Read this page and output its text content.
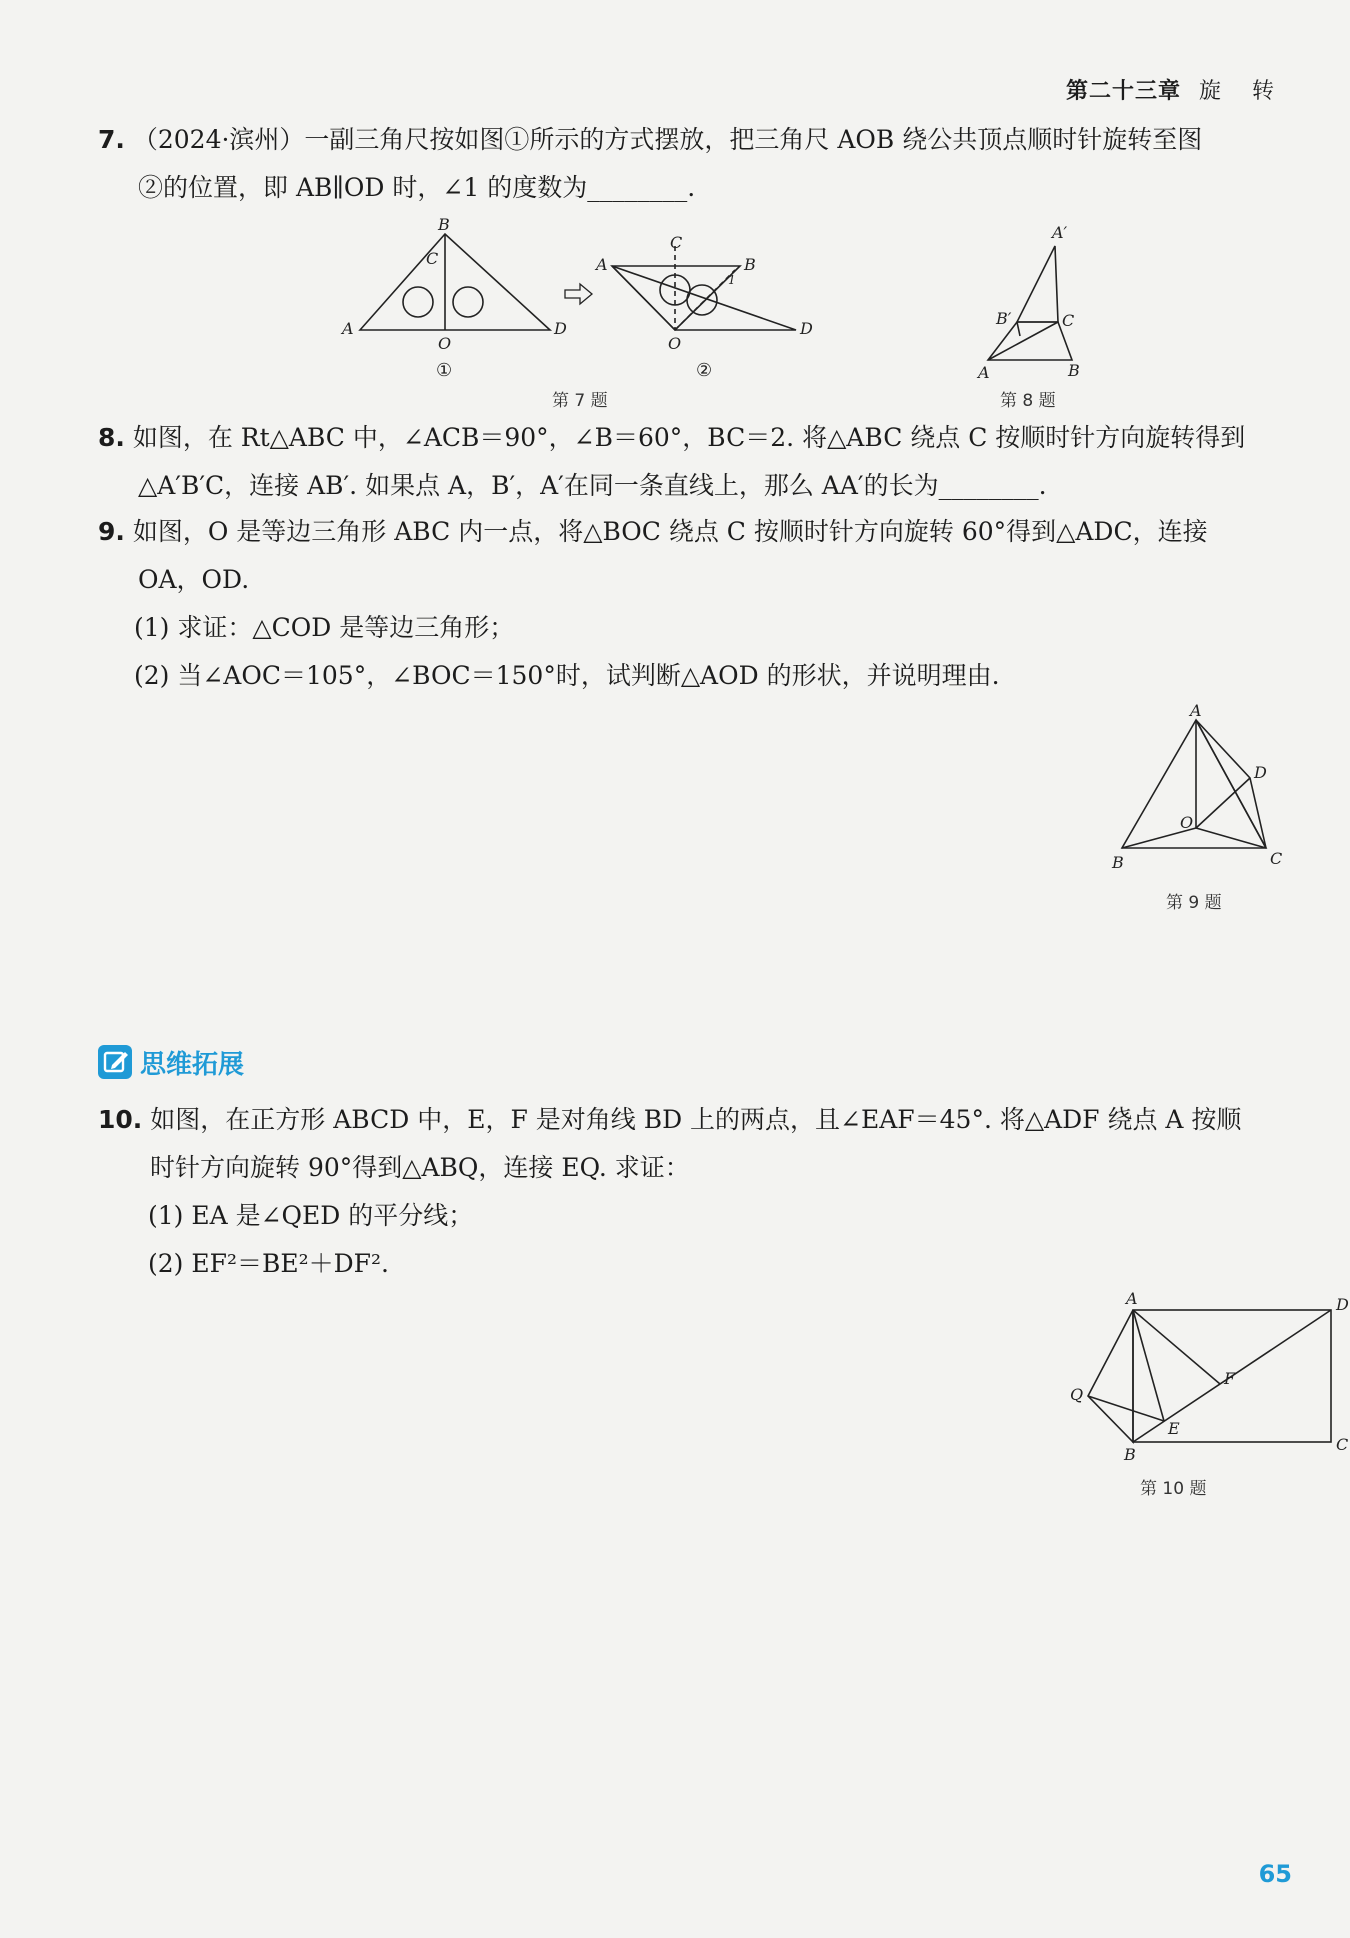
第二十三章 旋 转
7. （2024·滨州）一副三角尺按如图①所示的方式摆放，把三角尺 AOB 绕公共顶点顺时针旋转至图
②的位置，即 AB∥OD 时，∠1 的度数为________.
B
C
A
O
D
C
A	B
1
O
D
①	②
第 7 题
A′
B′	C
A	B
第 8 题
8. 如图，在 Rt△ABC 中，∠ACB＝90°，∠B＝60°，BC＝2. 将△ABC 绕点 C 按顺时针方向旋转得到
△A′B′C，连接 AB′. 如果点 A，B′，A′在同一条直线上，那么 AA′的长为________.
9. 如图，O 是等边三角形 ABC 内一点，将△BOC 绕点 C 按顺时针方向旋转 60°得到△ADC，连接
OA，OD.
(1) 求证：△COD 是等边三角形；
(2) 当∠AOC＝105°，∠BOC＝150°时，试判断△AOD 的形状，并说明理由.
A
D
O
B	C
第 9 题
思维拓展
10. 如图，在正方形 ABCD 中，E，F 是对角线 BD 上的两点，且∠EAF＝45°. 将△ADF 绕点 A 按顺
时针方向旋转 90°得到△ABQ，连接 EQ. 求证：
(1) EA 是∠QED 的平分线；
(2) EF²＝BE²＋DF².
A	D
Q
F
E
B
C
第 10 题
65
